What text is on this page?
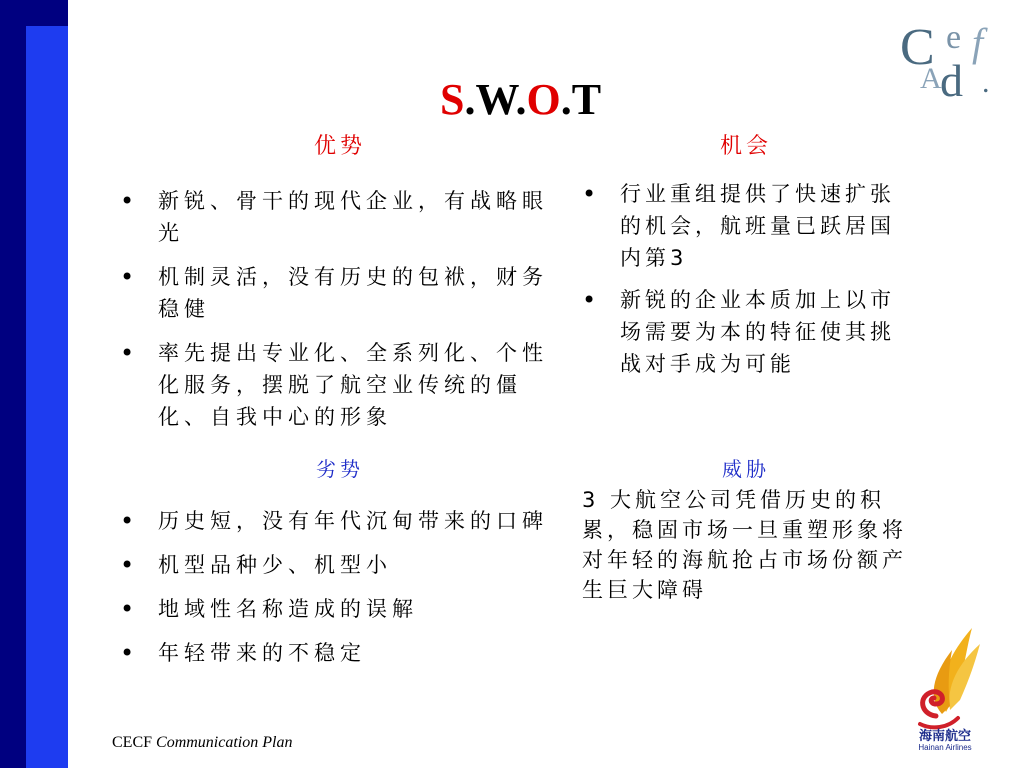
S.W.O.T
C e f
A
d .
海南航空
Hainan Airlines
优势
• 新锐、骨干的现代企业，有战略眼光
• 机制灵活，没有历史的包袱，财务稳健
• 率先提出专业化、全系列化、个性化服务，摆脱了航空业传统的僵化、自我中心的形象
机会
• 行业重组提供了快速扩张的机会，航班量已跃居国内第3
• 新锐的企业本质加上以市场需要为本的特征使其挑战对手成为可能
劣势
• 历史短，没有年代沉甸带来的口碑
• 机型品种少、机型小
• 地域性名称造成的误解
• 年轻带来的不稳定
威胁
3 大航空公司凭借历史的积累，稳固市场一旦重塑形象将对年轻的海航抢占市场份额产生巨大障碍
CECF Communication Plan
